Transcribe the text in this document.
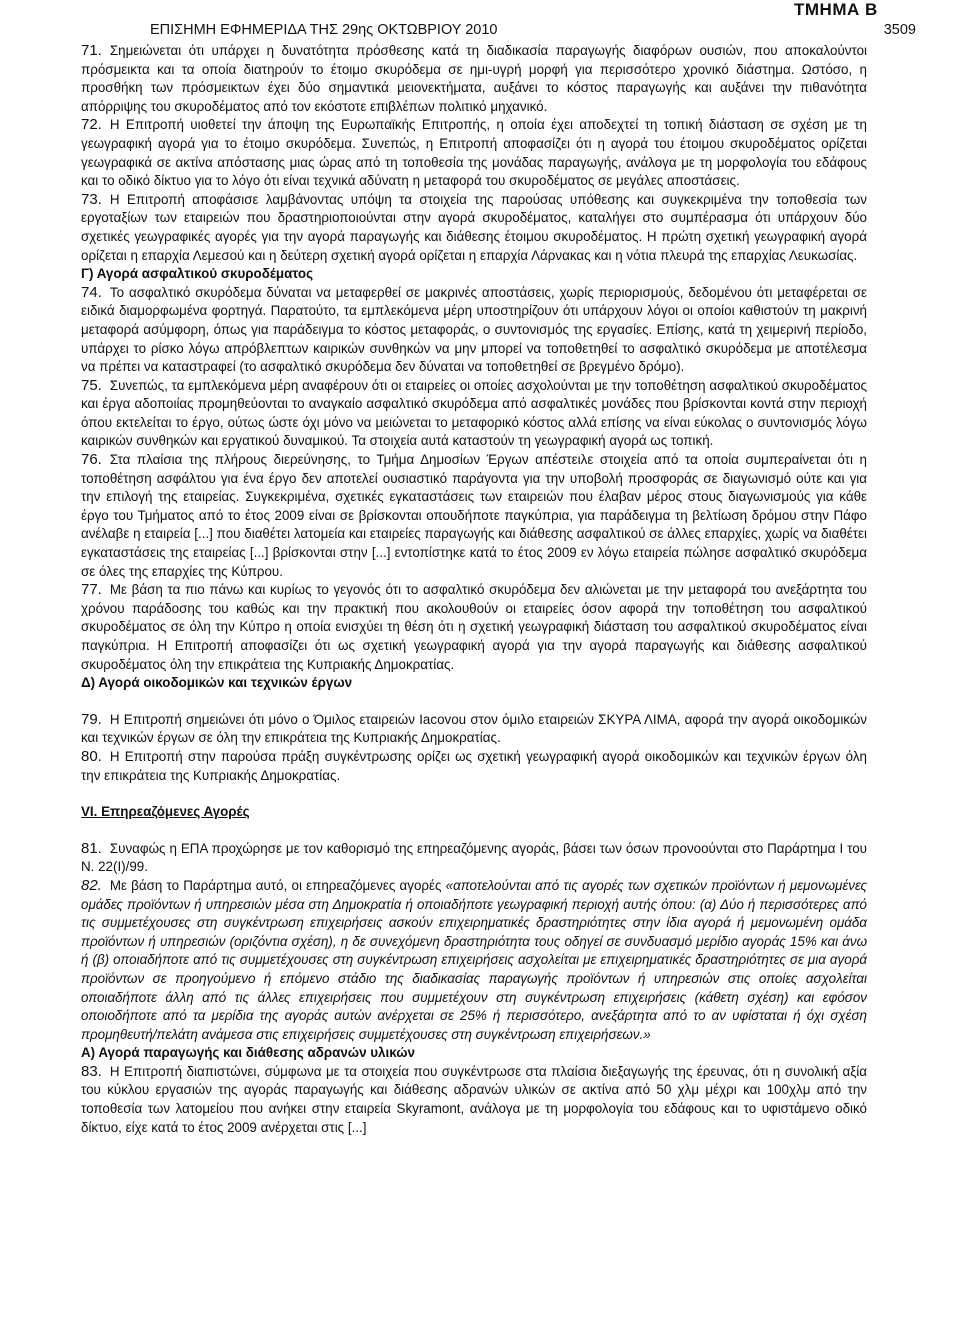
ΤΜΗΜΑ Β
ΕΠΙΣΗΜΗ ΕΦΗΜΕΡΙΔΑ ΤΗΣ 29ης ΟΚΤΩΒΡΙΟΥ 2010	3509

71. Σημειώνεται ότι υπάρχει η δυνατότητα πρόσθεσης κατά τη διαδικασία παραγωγής διαφόρων ουσιών, που αποκαλούντοι πρόσμεικτα και τα οποία διατηρούν το έτοιμο σκυρόδεμα σε ημι-υγρή μορφή για περισσότερο χρονικό διάστημα. Ωστόσο, η προσθήκη των πρόσμεικτων έχει δύο σημαντικά μειονεκτήματα, αυξάνει το κόστος παραγωγής και αυξάνει την πιθανότητα απόρριψης του σκυροδέματος από τον εκόστοτε επιβλέπων πολιτικό μηχανικό.

72. Η Επιτροπή υιοθετεί την άποψη της Ευρωπαϊκής Επιτροπής, η οποία έχει αποδεχτεί τη τοπική διάσταση σε σχέση με τη γεωγραφική αγορά για το έτοιμο σκυρόδεμα. Συνεπώς, η Επιτροπή αποφασίζει ότι η αγορά του έτοιμου σκυροδέματος ορίζεται γεωγραφικά σε ακτίνα απόστασης μιας ώρας από τη τοποθεσία της μονάδας παραγωγής, ανάλογα με τη μορφολογία του εδάφους και το οδικό δίκτυο για το λόγο ότι είναι τεχνικά αδύνατη η μεταφορά του σκυροδέματος σε μεγάλες αποστάσεις.

73. Η Επιτροπή αποφάσισε λαμβάνοντας υπόψη τα στοιχεία της παρούσας υπόθεσης και συγκεκριμένα την τοποθεσία των εργοταξίων των εταιρειών που δραστηριοποιούνται στην αγορά σκυροδέματος, καταλήγει στο συμπέρασμα ότι υπάρχουν δύο σχετικές γεωγραφικές αγορές για την αγορά παραγωγής και διάθεσης έτοιμου σκυροδέματος. Η πρώτη σχετική γεωγραφική αγορά ορίζεται η επαρχία Λεμεσού και η δεύτερη σχετική αγορά ορίζεται η επαρχία Λάρνακας και η νότια πλευρά της επαρχίας Λευκωσίας.

Γ) Αγορά ασφαλτικού σκυροδέματος

74. Το ασφαλτικό σκυρόδεμα δύναται να μεταφερθεί σε μακρινές αποστάσεις, χωρίς περιορισμούς, δεδομένου ότι μεταφέρεται σε ειδικά διαμορφωμένα φορτηγά. Παρατούτο, τα εμπλεκόμενα μέρη υποστηρίζουν ότι υπάρχουν λόγοι οι οποίοι καθιστούν τη μακρινή μεταφορά ασύμφορη, όπως για παράδειγμα το κόστος μεταφοράς, ο συντονισμός της εργασίες. Επίσης, κατά τη χειμερινή περίοδο, υπάρχει το ρίσκο λόγω απρόβλεπτων καιρικών συνθηκών να μην μπορεί να τοποθετηθεί το ασφαλτικό σκυρόδεμα με αποτέλεσμα να πρέπει να καταστραφεί (το ασφαλτικό σκυρόδεμα δεν δύναται να τοποθετηθεί σε βρεγμένο δρόμο).

75. Συνεπώς, τα εμπλεκόμενα μέρη αναφέρουν ότι οι εταιρείες οι οποίες ασχολούνται με την τοποθέτηση ασφαλτικού σκυροδέματος και έργα αδοποιίας προμηθεύονται το αναγκαίο ασφαλτικό σκυρόδεμα από ασφαλτικές μονάδες που βρίσκονται κοντά στην περιοχή όπου εκτελείται το έργο, ούτως ώστε όχι μόνο να μειώνεται το μεταφορικό κόστος αλλά επίσης να είναι εύκολας ο συντονισμός λόγω καιρικών συνθηκών και εργατικού δυναμικού. Τα στοιχεία αυτά καταστούν τη γεωγραφική αγορά ως τοπική.

76. Στα πλαίσια της πλήρους διερεύνησης, το Τμήμα Δημοσίων Έργων απέστειλε στοιχεία από τα οποία συμπεραίνεται ότι η τοποθέτηση ασφάλτου για ένα έργο δεν αποτελεί ουσιαστικό παράγοντα για την υποβολή προσφοράς σε διαγωνισμό ούτε και για την επιλογή της εταιρείας. Συγκεκριμένα, σχετικές εγκαταστάσεις των εταιρειών που έλαβαν μέρος στους διαγωνισμούς για κάθε έργο του Τμήματος από το έτος 2009 είναι σε βρίσκονται οπουδήποτε παγκύπρια, για παράδειγμα τη βελτίωση δρόμου στην Πάφο ανέλαβε η εταιρεία [...] που διαθέτει λατομεία και εταιρείες παραγωγής και διάθεσης ασφαλτικού σε άλλες επαρχίες, χωρίς να διαθέτει εγκαταστάσεις της εταιρείας [...] βρίσκονται στην [...] εντοπίστηκε κατά το έτος 2009 εν λόγω εταιρεία πώλησε ασφαλτικό σκυρόδεμα σε όλες της επαρχίες της Κύπρου.

77. Με βάση τα πιο πάνω και κυρίως το γεγονός ότι το ασφαλτικό σκυρόδεμα δεν αλιώνεται με την μεταφορά του ανεξάρτητα του χρόνου παράδοσης του καθώς και την πρακτική που ακολουθούν οι εταιρείες όσον αφορά την τοποθέτηση του ασφαλτικού σκυροδέματος σε όλη την Κύπρο η οποία ενισχύει τη θέση ότι η σχετική γεωγραφική διάσταση του ασφαλτικού σκυροδέματος είναι παγκύπρια. Η Επιτροπή αποφασίζει ότι ως σχετική γεωγραφική αγορά για την αγορά παραγωγής και διάθεσης ασφαλτικού σκυροδέματος όλη την επικράτεια της Κυπριακής Δημοκρατίας.

Δ) Αγορά οικοδομικών και τεχνικών έργων

79. Η Επιτροπή σημειώνει ότι μόνο ο Όμιλος εταιρειών Iacovou στον όμιλο εταιρειών ΣΚΥΡΑ ΛΙΜΑ, αφορά την αγορά οικοδομικών και τεχνικών έργων σε όλη την επικράτεια της Κυπριακής Δημοκρατίας.

80. Η Επιτροπή στην παρούσα πράξη συγκέντρωσης ορίζει ως σχετική γεωγραφική αγορά οικοδομικών και τεχνικών έργων όλη την επικράτεια της Κυπριακής Δημοκρατίας.

VI. Επηρεαζόμενες Αγορές

81. Συναφώς η ΕΠΑ προχώρησε με τον καθορισμό της επηρεαζόμενης αγοράς, βάσει των όσων προνοούνται στο Παράρτημα I του Ν. 22(I)/99.

82. Με βάση το Παράρτημα αυτό, οι επηρεαζόμενες αγορές «αποτελούνται από τις αγορές των σχετικών προϊόντων ή μεμονωμένες ομάδες προϊόντων ή υπηρεσιών μέσα στη Δημοκρατία ή οποιαδήποτε γεωγραφική περιοχή αυτής όπου: (α) Δύο ή περισσότερες από τις συμμετέχουσες στη συγκέντρωση επιχειρήσεις ασκούν επιχειρηματικές δραστηριότητες στην ίδια αγορά ή μεμονωμένη ομάδα προϊόντων ή υπηρεσιών (οριζόντια σχέση), η δε συνεχόμενη δραστηριότητα τους οδηγεί σε συνδυασμό μερίδιο αγοράς 15% και άνω ή (β) οποιαδήποτε από τις συμμετέχουσες στη συγκέντρωση επιχειρήσεις ασχολείται με επιχειρηματικές δραστηριότητες σε μια αγορά προϊόντων σε προηγούμενο ή επόμενο στάδιο της διαδικασίας παραγωγής προϊόντων ή υπηρεσιών στις οποίες ασχολείται οποιαδήποτε άλλη από τις άλλες επιχειρήσεις που συμμετέχουν στη συγκέντρωση επιχειρήσεις (κάθετη σχέση) και εφόσον οποιοδήποτε από τα μερίδια της αγοράς αυτών ανέρχεται σε 25% ή περισσότερο, ανεξάρτητα από το αν υφίσταται ή όχι σχέση προμηθευτή/πελάτη ανάμεσα στις επιχειρήσεις συμμετέχουσες στη συγκέντρωση επιχειρήσεων.»

Α) Αγορά παραγωγής και διάθεσης αδρανών υλικών

83. Η Επιτροπή διαπιστώνει, σύμφωνα με τα στοιχεία που συγκέντρωσε στα πλαίσια διεξαγωγής της έρευνας, ότι η συνολική αξία του κύκλου εργασιών της αγοράς παραγωγής και διάθεσης αδρανών υλικών σε ακτίνα από 50 χλμ μέχρι και 100χλμ από την τοποθεσία των λατομείου που ανήκει στην εταιρεία Skyramont, ανάλογα με τη μορφολογία του εδάφους και το υφιστάμενο οδικό δίκτυο, είχε κατά το έτος 2009 ανέρχεται στις [...]
